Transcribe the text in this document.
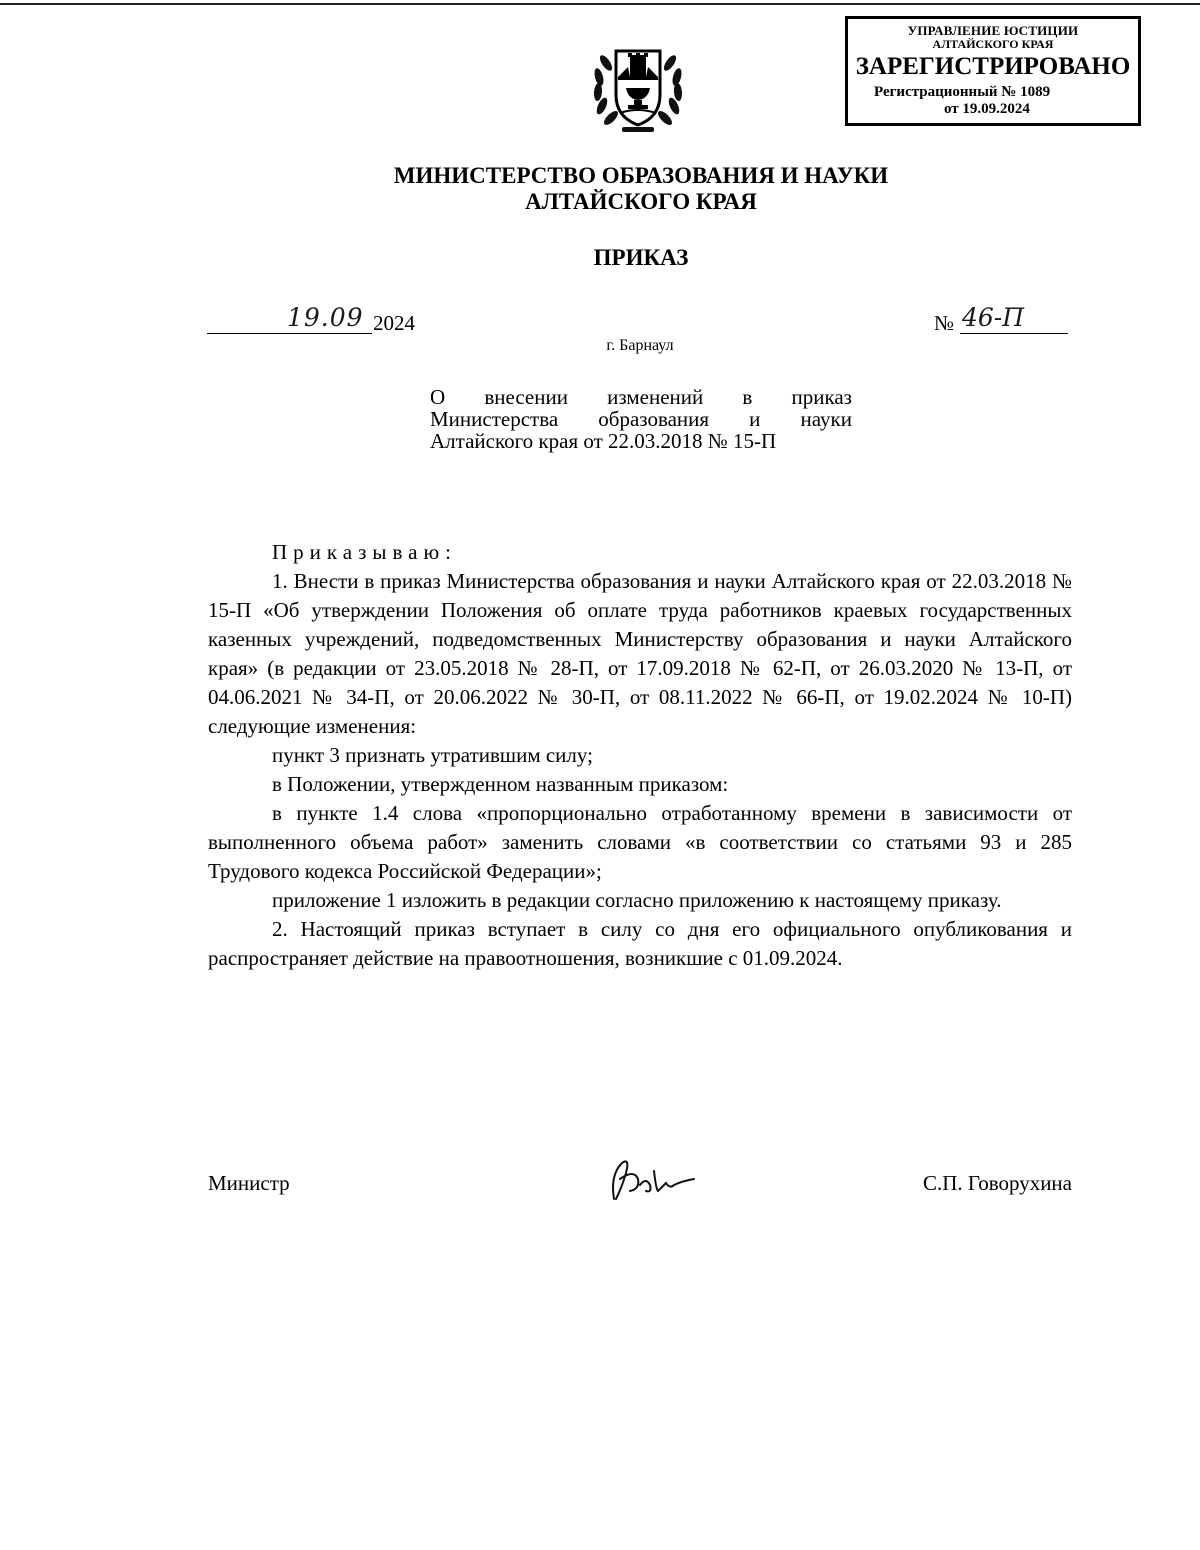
УПРАВЛЕНИЕ ЮСТИЦИИ
АЛТАЙСКОГО КРАЯ
ЗАРЕГИСТРИРОВАНО
Регистрационный № 1089
от 19.09.2024
МИНИСТЕРСТВО ОБРАЗОВАНИЯ И НАУКИ
АЛТАЙСКОГО КРАЯ
ПРИКАЗ
19.09 2024	№ 46-П
г. Барнаул
О внесении изменений в приказ
Министерства образования и науки
Алтайского края от 22.03.2018 № 15-П

Приказываю:

1. Внести в приказ Министерства образования и науки Алтайского края от 22.03.2018 № 15-П «Об утверждении Положения об оплате труда работников краевых государственных казенных учреждений, подведомственных Министерству образования и науки Алтайского края» (в редакции от 23.05.2018 № 28-П, от 17.09.2018 № 62-П, от 26.03.2020 № 13-П, от 04.06.2021 № 34-П, от 20.06.2022 № 30-П, от 08.11.2022 № 66-П, от 19.02.2024 № 10-П) следующие изменения:

пункт 3 признать утратившим силу;

в Положении, утвержденном названным приказом:

в пункте 1.4 слова «пропорционально отработанному времени в зависимости от выполненного объема работ» заменить словами «в соответствии со статьями 93 и 285 Трудового кодекса Российской Федерации»;

приложение 1 изложить в редакции согласно приложению к настоящему приказу.

2. Настоящий приказ вступает в силу со дня его официального опубликования и распространяет действие на правоотношения, возникшие с 01.09.2024.

Министр	С.П. Говорухина
